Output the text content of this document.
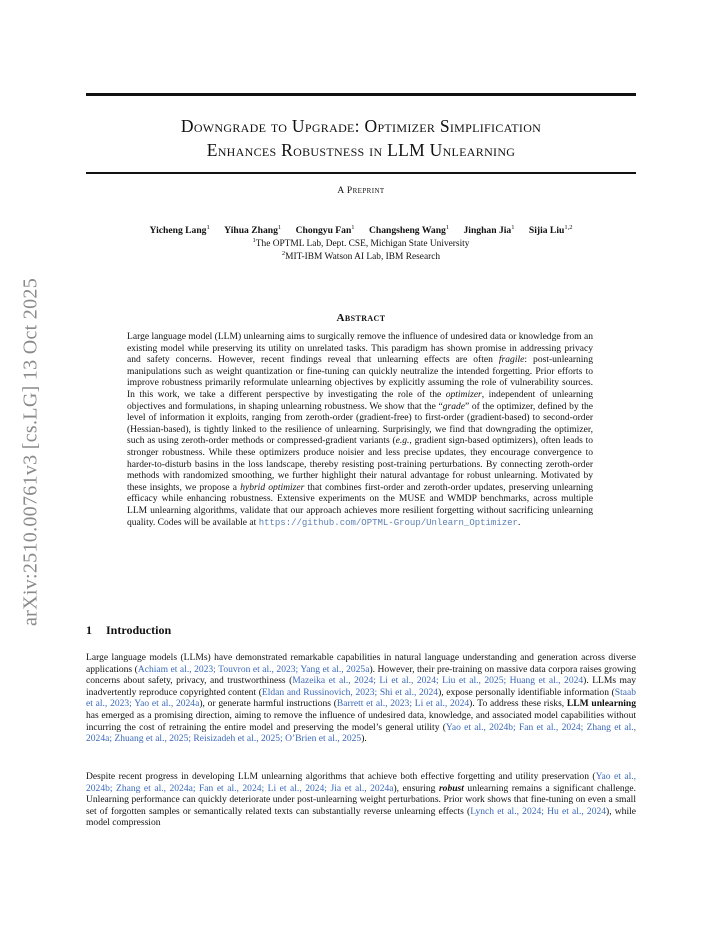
arXiv:2510.00761v3 [cs.LG] 13 Oct 2025
Downgrade to Upgrade: Optimizer Simplification
Enhances Robustness in LLM Unlearning
A Preprint
Yicheng Lang$^1$ Yihua Zhang$^1$ Chongyu Fan$^1$ Changsheng Wang$^1$ Jinghan Jia$^1$ Sijia Liu$^{1,2}$
$^1$The OPTML Lab, Dept. CSE, Michigan State University
$^2$MIT-IBM Watson AI Lab, IBM Research
Abstract
Large language model (LLM) unlearning aims to surgically remove the influence of undesired data or knowledge from an existing model while preserving its utility on unrelated tasks. This paradigm has shown promise in addressing privacy and safety concerns. However, recent findings reveal that unlearning effects are often fragile: post-unlearning manipulations such as weight quantization or fine-tuning can quickly neutralize the intended forgetting. Prior efforts to improve robustness primarily reformulate unlearning objectives by explicitly assuming the role of vulnerability sources. In this work, we take a different perspective by investigating the role of the optimizer, independent of unlearning objectives and formulations, in shaping unlearning robustness. We show that the “grade” of the optimizer, defined by the level of information it exploits, ranging from zeroth-order (gradient-free) to first-order (gradient-based) to second-order (Hessian-based), is tightly linked to the resilience of unlearning. Surprisingly, we find that downgrading the optimizer, such as using zeroth-order methods or compressed-gradient variants (e.g., gradient sign-based optimizers), often leads to stronger robustness. While these optimizers produce noisier and less precise updates, they encourage convergence to harder-to-disturb basins in the loss landscape, thereby resisting post-training perturbations. By connecting zeroth-order methods with randomized smoothing, we further highlight their natural advantage for robust unlearning. Motivated by these insights, we propose a hybrid optimizer that combines first-order and zeroth-order updates, preserving unlearning efficacy while enhancing robustness. Extensive experiments on the MUSE and WMDP benchmarks, across multiple LLM unlearning algorithms, validate that our approach achieves more resilient forgetting without sacrificing unlearning quality. Codes will be available at https://github.com/OPTML-Group/Unlearn_Optimizer.
1 Introduction
Large language models (LLMs) have demonstrated remarkable capabilities in natural language understanding and generation across diverse applications (Achiam et al., 2023; Touvron et al., 2023; Yang et al., 2025a). However, their pre-training on massive data corpora raises growing concerns about safety, privacy, and trustworthiness (Mazeika et al., 2024; Li et al., 2024; Liu et al., 2025; Huang et al., 2024). LLMs may inadvertently reproduce copyrighted content (Eldan and Russinovich, 2023; Shi et al., 2024), expose personally identifiable information (Staab et al., 2023; Yao et al., 2024a), or generate harmful instructions (Barrett et al., 2023; Li et al., 2024). To address these risks, LLM unlearning has emerged as a promising direction, aiming to remove the influence of undesired data, knowledge, and associated model capabilities without incurring the cost of retraining the entire model and preserving the model’s general utility (Yao et al., 2024b; Fan et al., 2024; Zhang et al., 2024a; Zhuang et al., 2025; Reisizadeh et al., 2025; O’Brien et al., 2025).
Despite recent progress in developing LLM unlearning algorithms that achieve both effective forgetting and utility preservation (Yao et al., 2024b; Zhang et al., 2024a; Fan et al., 2024; Li et al., 2024; Jia et al., 2024a), ensuring robust unlearning remains a significant challenge. Unlearning performance can quickly deteriorate under post-unlearning weight perturbations. Prior work shows that fine-tuning on even a small set of forgotten samples or semantically related texts can substantially reverse unlearning effects (Lynch et al., 2024; Hu et al., 2024), while model compression
